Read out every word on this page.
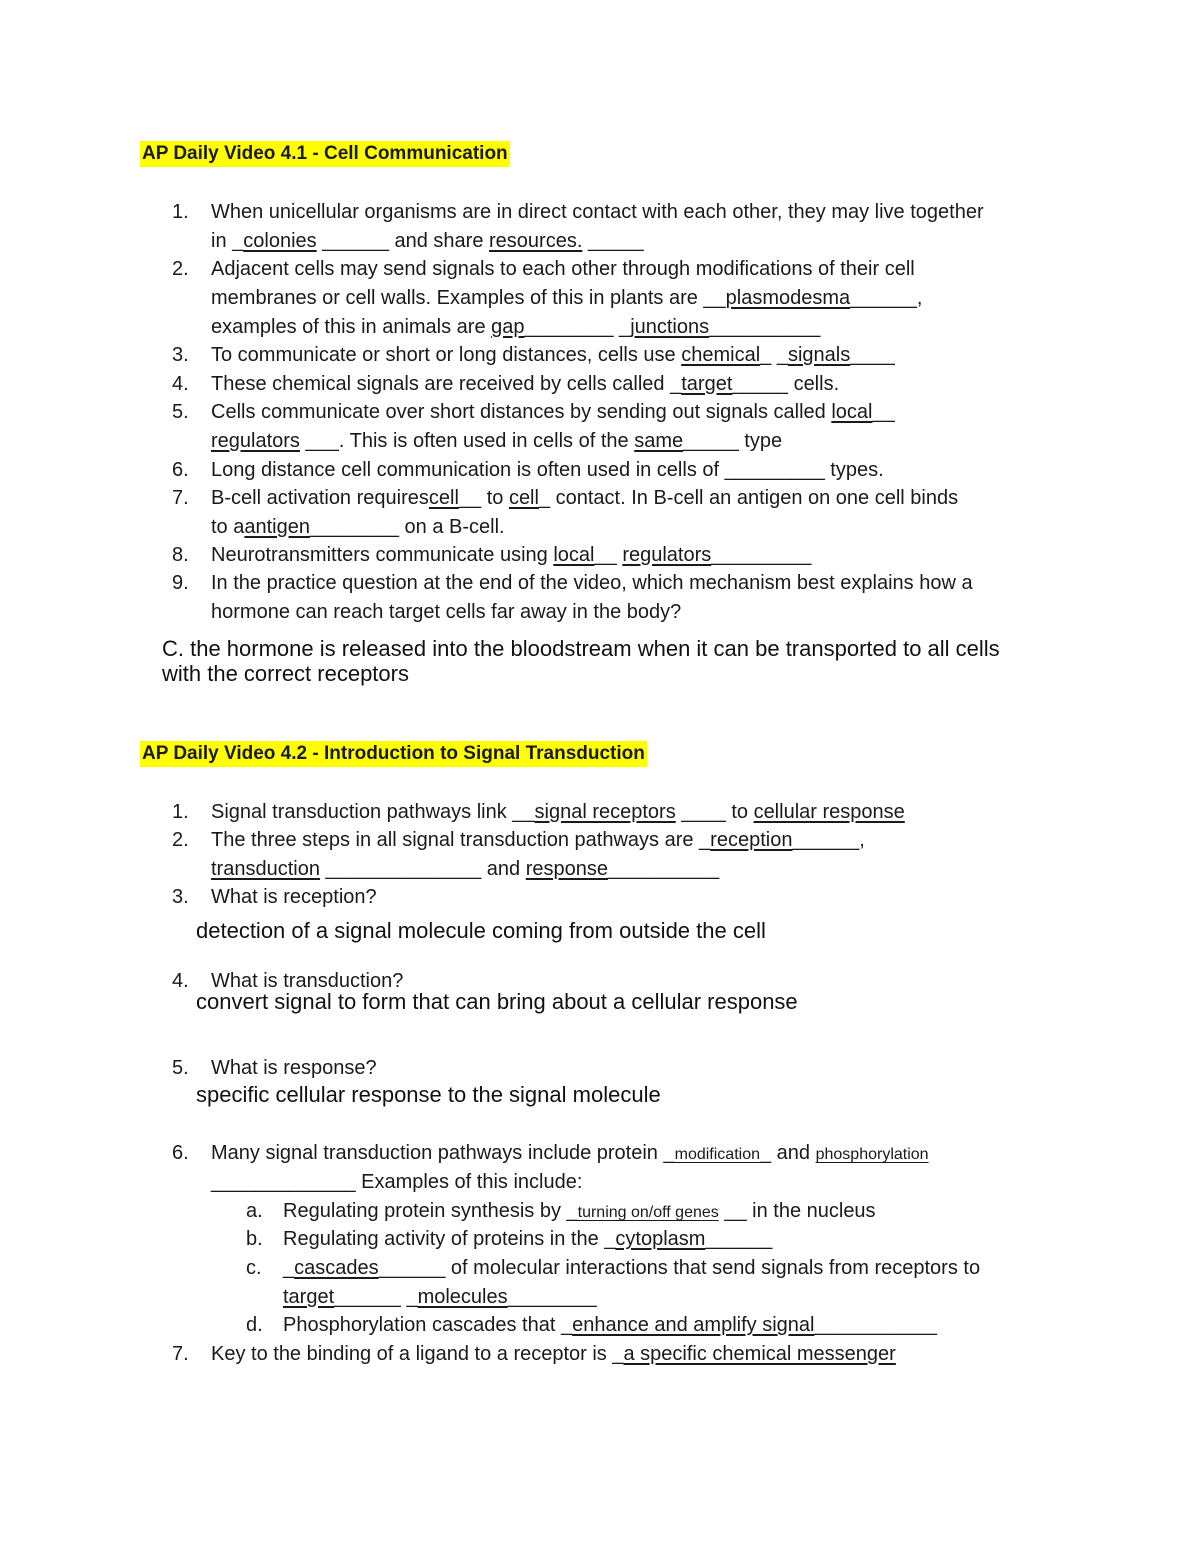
AP Daily Video 4.1 - Cell Communication
1.	When unicellular organisms are in direct contact with each other, they may live together
in _colonies ______ and share resources. _____
2.	Adjacent cells may send signals to each other through modifications of their cell
membranes or cell walls. Examples of this in plants are __plasmodesma______,
examples of this in animals are gap________ _junctions__________
3.	To communicate or short or long distances, cells use chemical_ _signals____
4.	These chemical signals are received by cells called _target_____ cells.
5.	Cells communicate over short distances by sending out signals called local__
regulators ___. This is often used in cells of the same_____ type
6.	Long distance cell communication is often used in cells of _________ types.
7.	B-cell activation requirescell__ to cell_ contact. In B-cell an antigen on one cell binds
to aantigen________ on a B-cell.
8.	Neurotransmitters communicate using local__ regulators_________
9.	In the practice question at the end of the video, which mechanism best explains how a
hormone can reach target cells far away in the body?
C. the hormone is released into the bloodstream when it can be transported to all cells
with the correct receptors
AP Daily Video 4.2 - Introduction to Signal Transduction
1.	Signal transduction pathways link __signal receptors ____ to cellular response
2.	The three steps in all signal transduction pathways are _reception______,
transduction ______________ and response__________
3.	What is reception?
detection of a signal molecule coming from outside the cell
4.	What is transduction?
convert signal to form that can bring about a cellular response
5.	What is response?
specific cellular response to the signal molecule
6.	Many signal transduction pathways include protein _modification_ and phosphorylation
_____________ Examples of this include:
a.	Regulating protein synthesis by _turning on/off genes __ in the nucleus
b.	Regulating activity of proteins in the _cytoplasm______
c.	_cascades______ of molecular interactions that send signals from receptors to
target______ _molecules________
d.	Phosphorylation cascades that _enhance and amplify signal___________
7.	Key to the binding of a ligand to a receptor is _a specific chemical messenger
